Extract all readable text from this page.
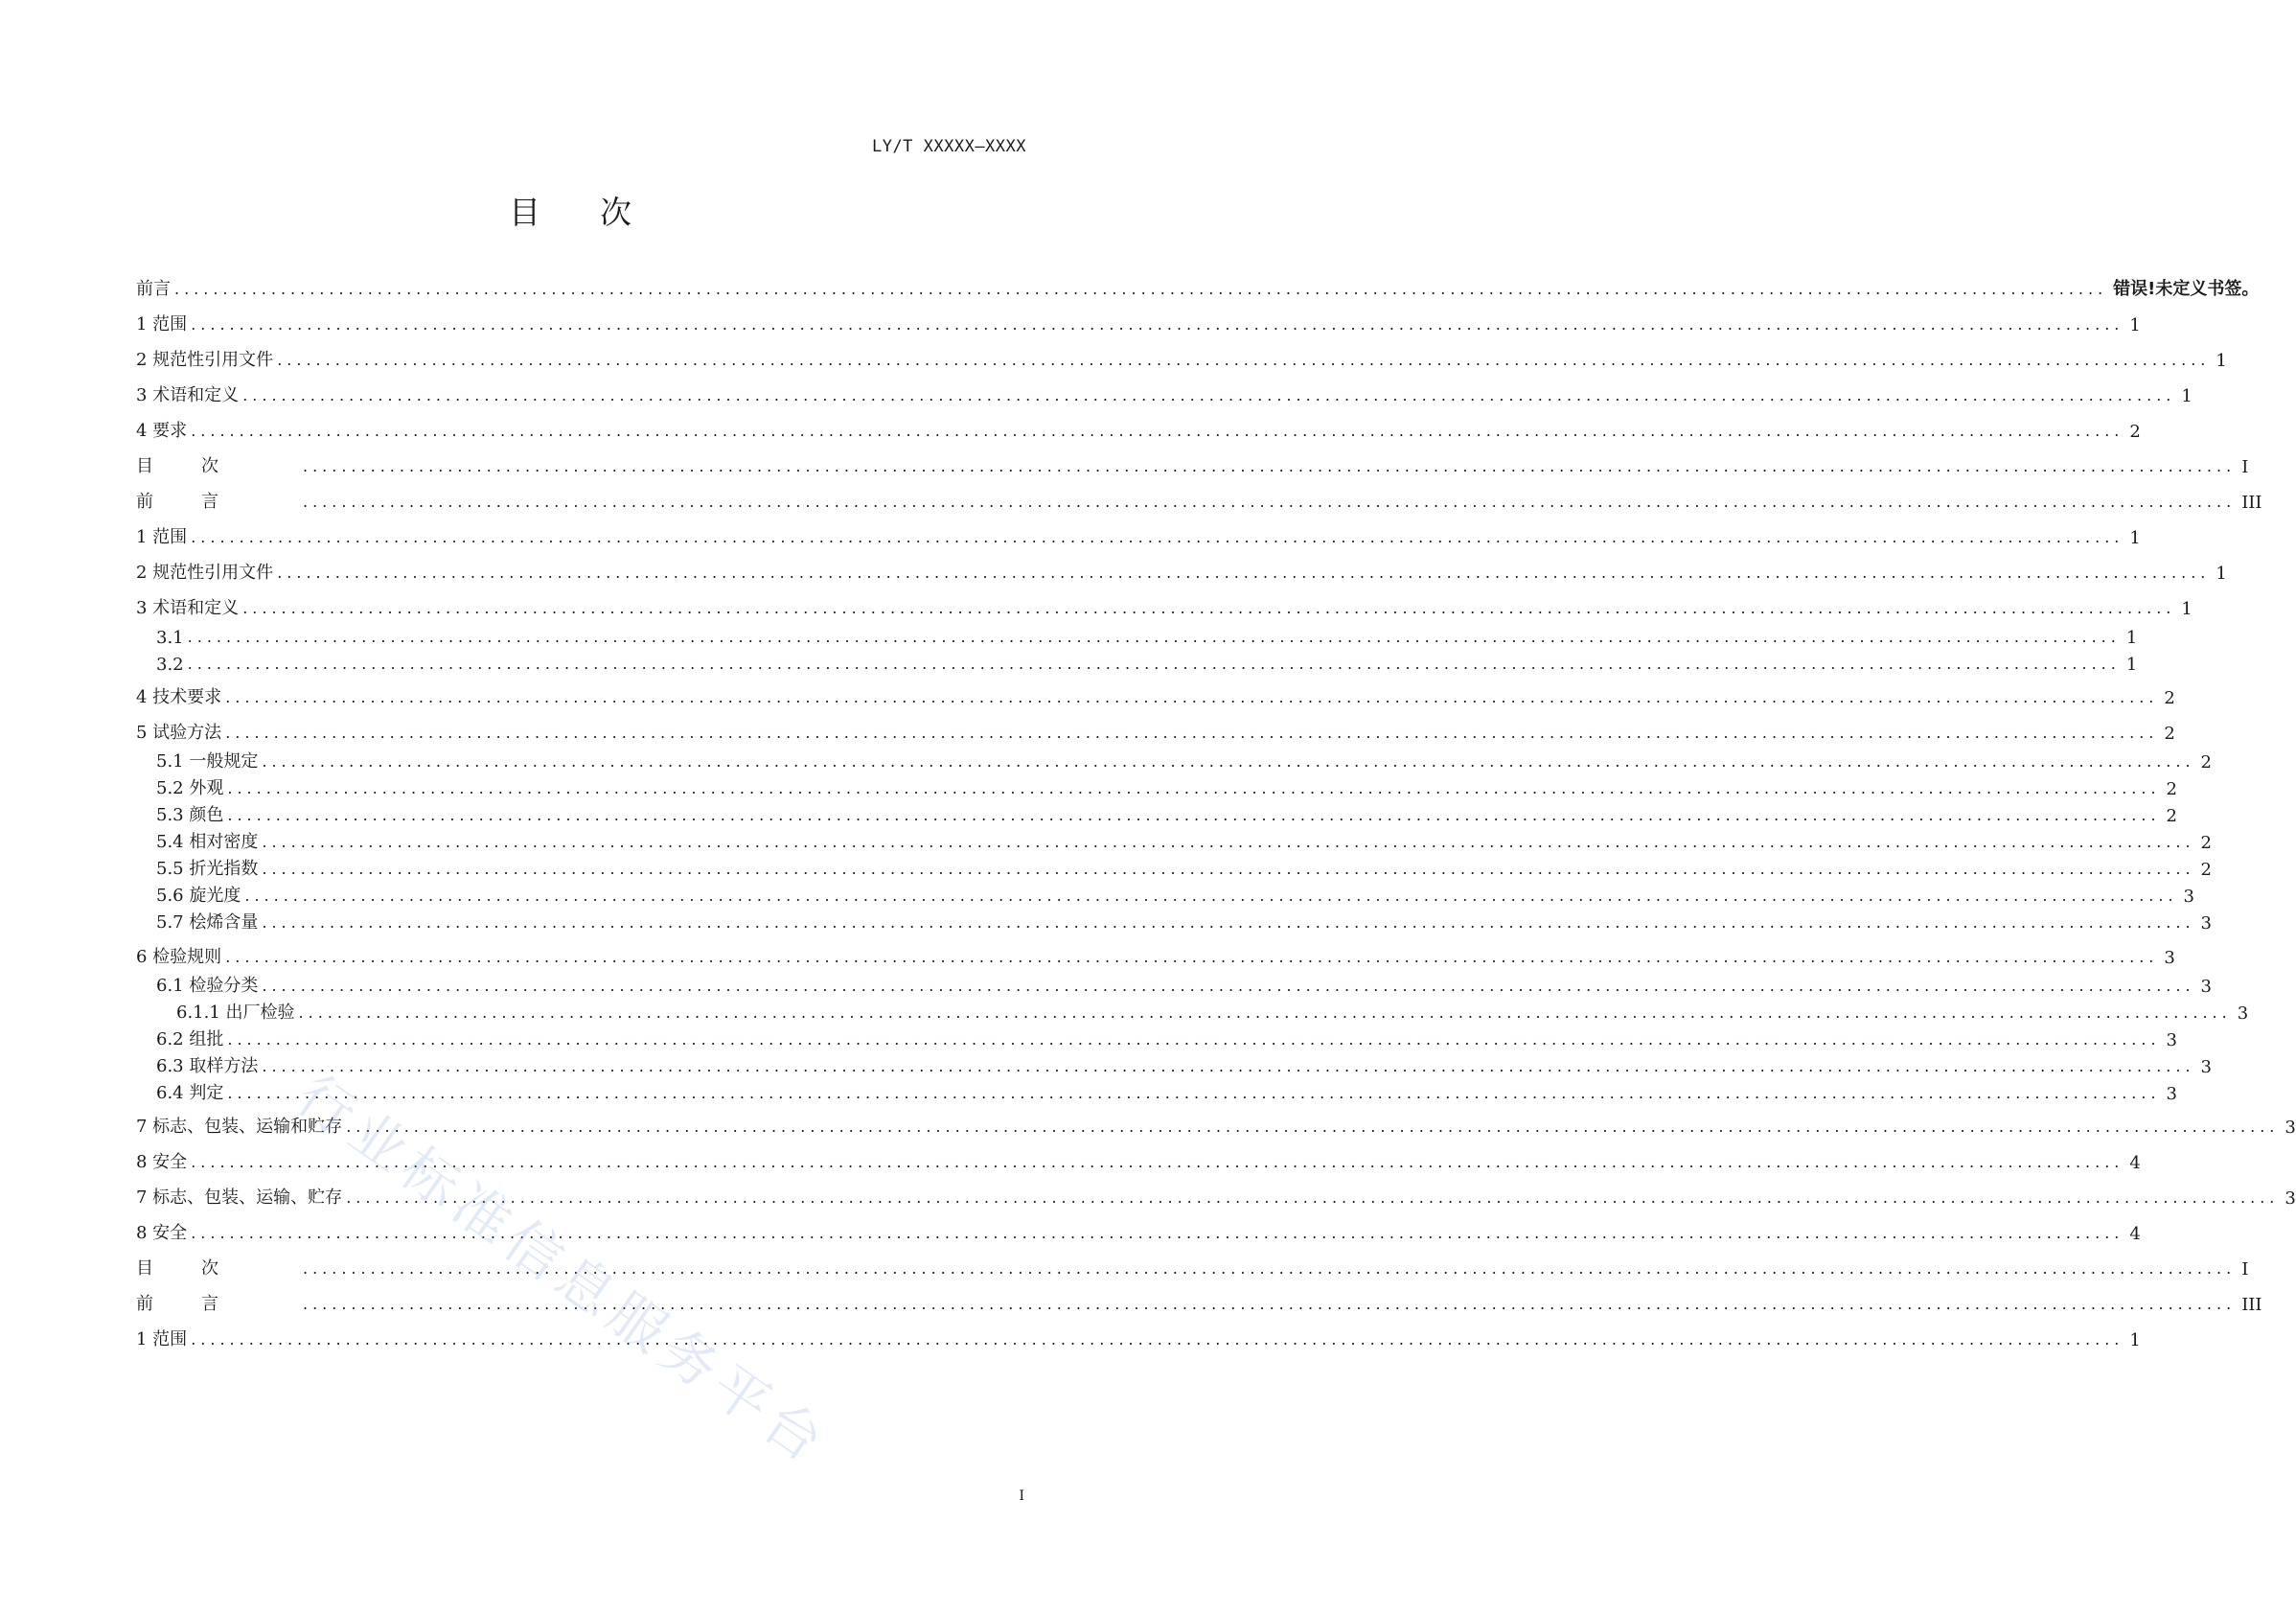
LY/T XXXXX—XXXX
目 次
前言 ........................................................................................................................................................................................................ 错误!未定义书签。
1 范围 ........................................................................................................................................................................................................ 1
2 规范性引用文件 ........................................................................................................................................................................................................ 1
3 术语和定义 ........................................................................................................................................................................................................ 1
4 要求 ........................................................................................................................................................................................................ 2
目次	........................................................................................................................................................................................................ I
前言	........................................................................................................................................................................................................ III
1 范围 ........................................................................................................................................................................................................ 1
2 规范性引用文件 ........................................................................................................................................................................................................ 1
3 术语和定义 ........................................................................................................................................................................................................ 1
3.1 ........................................................................................................................................................................................................ 1
3.2 ........................................................................................................................................................................................................ 1
4 技术要求 ........................................................................................................................................................................................................ 2
5 试验方法 ........................................................................................................................................................................................................ 2
5.1 一般规定 ........................................................................................................................................................................................................ 2
5.2 外观 ........................................................................................................................................................................................................ 2
5.3 颜色 ........................................................................................................................................................................................................ 2
5.4 相对密度 ........................................................................................................................................................................................................ 2
5.5 折光指数 ........................................................................................................................................................................................................ 2
5.6 旋光度 ........................................................................................................................................................................................................ 3
5.7 桧烯含量 ........................................................................................................................................................................................................ 3
6 检验规则 ........................................................................................................................................................................................................ 3
6.1 检验分类 ........................................................................................................................................................................................................ 3
6.1.1 出厂检验 ........................................................................................................................................................................................................ 3
6.2 组批 ........................................................................................................................................................................................................ 3
6.3 取样方法 ........................................................................................................................................................................................................ 3
6.4 判定 ........................................................................................................................................................................................................ 3
7 标志、包装、运输和贮存 ........................................................................................................................................................................................................ 3
8 安全 ........................................................................................................................................................................................................ 4
7 标志、包装、运输、贮存 ........................................................................................................................................................................................................ 3
8 安全 ........................................................................................................................................................................................................ 4
目次	........................................................................................................................................................................................................ I
前言	........................................................................................................................................................................................................ III
1 范围 ........................................................................................................................................................................................................ 1
行业标准信息服务平台
I
